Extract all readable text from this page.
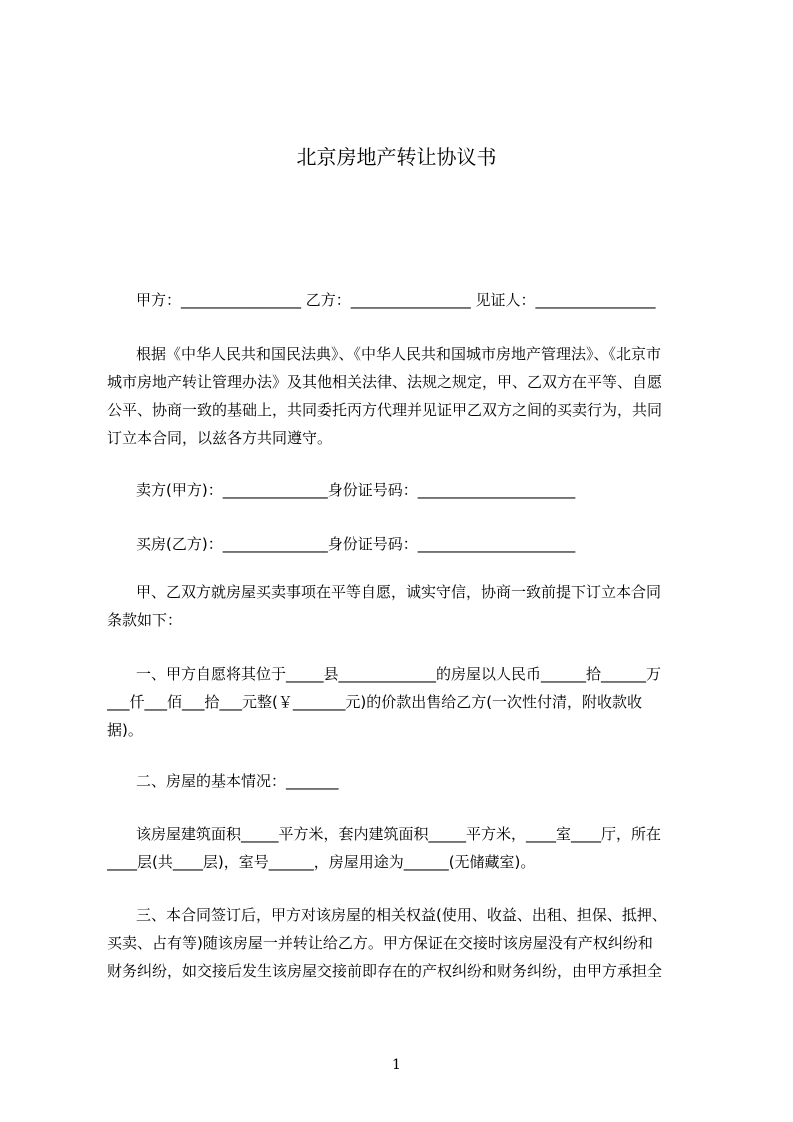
北京房地产转让协议书
甲方：________________ 乙方：________________ 见证人：________________
根据《中华人民共和国民法典》、《中华人民共和国城市房地产管理法》、《北京市
城市房地产转让管理办法》及其他相关法律、法规之规定，甲、乙双方在平等、自愿
公平、协商一致的基础上，共同委托丙方代理并见证甲乙双方之间的买卖行为，共同
订立本合同，以兹各方共同遵守。
卖方(甲方)：______________身份证号码：_____________________
买房(乙方)：______________身份证号码：_____________________
甲、乙双方就房屋买卖事项在平等自愿，诚实守信，协商一致前提下订立本合同
条款如下：
一、甲方自愿将其位于_____县_____________的房屋以人民币______拾______万
___仟___佰___拾___元整(￥_______元)的价款出售给乙方(一次性付清，附收款收
据)。
二、房屋的基本情况：_______
该房屋建筑面积_____平方米，套内建筑面积_____平方米，____室____厅，所在
____层(共____层)，室号______，房屋用途为______(无储藏室)。
三、本合同签订后，甲方对该房屋的相关权益(使用、收益、出租、担保、抵押、
买卖、占有等)随该房屋一并转让给乙方。甲方保证在交接时该房屋没有产权纠纷和
财务纠纷，如交接后发生该房屋交接前即存在的产权纠纷和财务纠纷，由甲方承担全
1
